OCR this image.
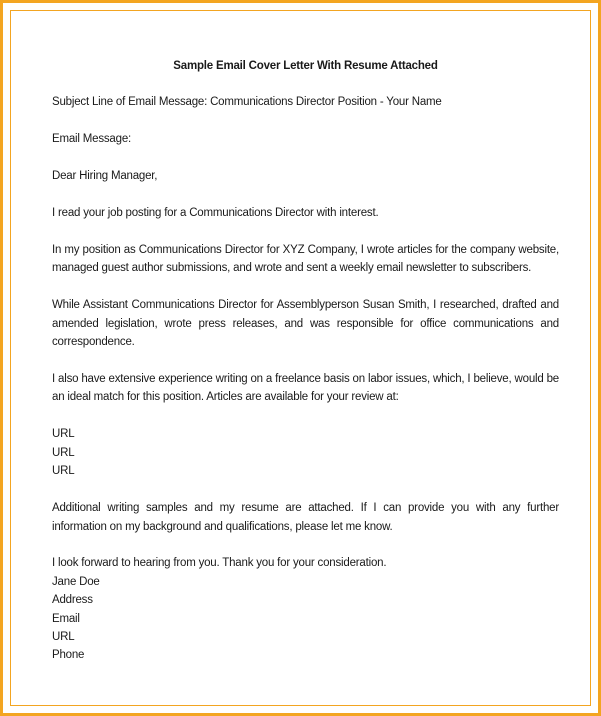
Sample Email Cover Letter With Resume Attached
Subject Line of Email Message: Communications Director Position - Your Name
Email Message:
Dear Hiring Manager,
I read your job posting for a Communications Director with interest.
In my position as Communications Director for XYZ Company, I wrote articles for the company website, managed guest author submissions, and wrote and sent a weekly email newsletter to subscribers.
While Assistant Communications Director for Assemblyperson Susan Smith, I researched, drafted and amended legislation, wrote press releases, and was responsible for office communications and correspondence.
I also have extensive experience writing on a freelance basis on labor issues, which, I believe, would be an ideal match for this position. Articles are available for your review at:
URL
URL
URL
Additional writing samples and my resume are attached. If I can provide you with any further information on my background and qualifications, please let me know.
I look forward to hearing from you. Thank you for your consideration.
Jane Doe
Address
Email
URL
Phone
